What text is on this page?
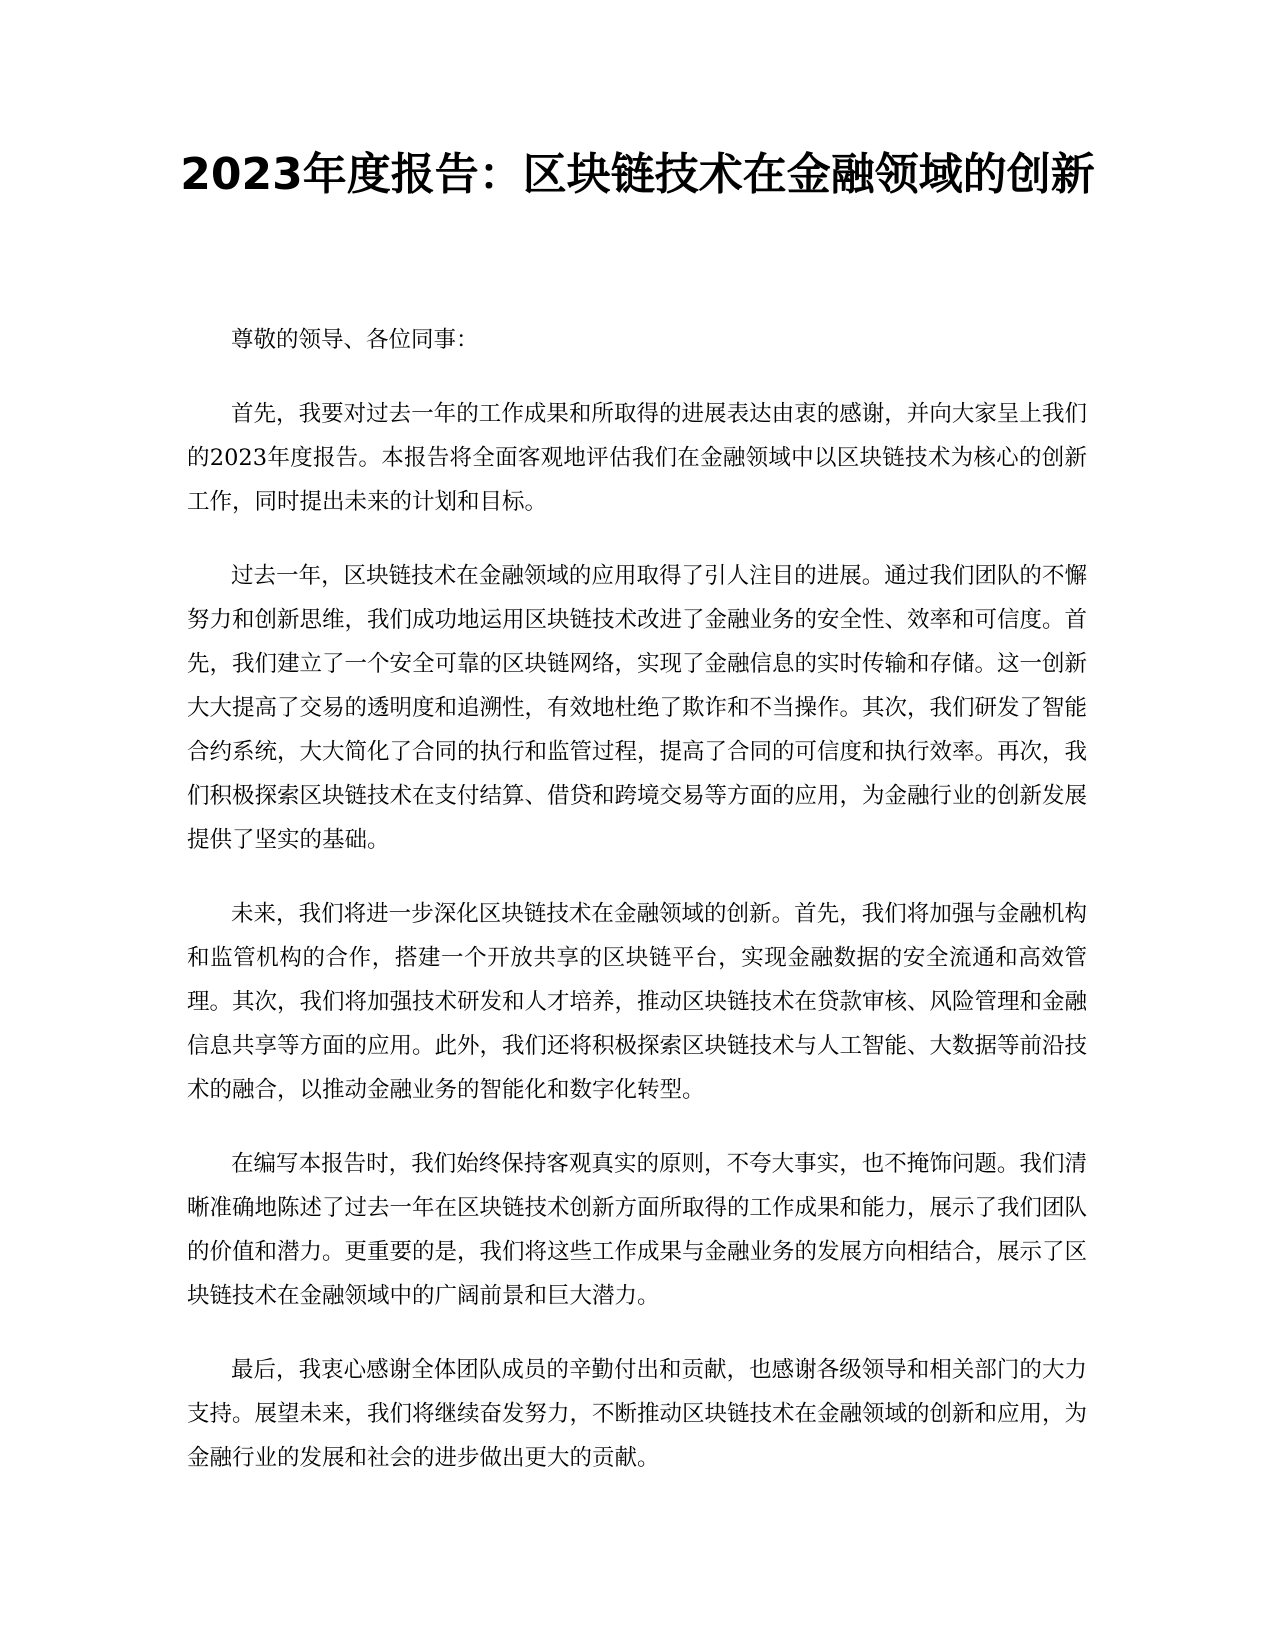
2023年度报告：区块链技术在金融领域的创新

尊敬的领导、各位同事：

首先，我要对过去一年的工作成果和所取得的进展表达由衷的感谢，并向大家呈上我们的2023年度报告。本报告将全面客观地评估我们在金融领域中以区块链技术为核心的创新工作，同时提出未来的计划和目标。

过去一年，区块链技术在金融领域的应用取得了引人注目的进展。通过我们团队的不懈努力和创新思维，我们成功地运用区块链技术改进了金融业务的安全性、效率和可信度。首先，我们建立了一个安全可靠的区块链网络，实现了金融信息的实时传输和存储。这一创新大大提高了交易的透明度和追溯性，有效地杜绝了欺诈和不当操作。其次，我们研发了智能合约系统，大大简化了合同的执行和监管过程，提高了合同的可信度和执行效率。再次，我们积极探索区块链技术在支付结算、借贷和跨境交易等方面的应用，为金融行业的创新发展提供了坚实的基础。

未来，我们将进一步深化区块链技术在金融领域的创新。首先，我们将加强与金融机构和监管机构的合作，搭建一个开放共享的区块链平台，实现金融数据的安全流通和高效管理。其次，我们将加强技术研发和人才培养，推动区块链技术在贷款审核、风险管理和金融信息共享等方面的应用。此外，我们还将积极探索区块链技术与人工智能、大数据等前沿技术的融合，以推动金融业务的智能化和数字化转型。

在编写本报告时，我们始终保持客观真实的原则，不夸大事实，也不掩饰问题。我们清晰准确地陈述了过去一年在区块链技术创新方面所取得的工作成果和能力，展示了我们团队的价值和潜力。更重要的是，我们将这些工作成果与金融业务的发展方向相结合，展示了区块链技术在金融领域中的广阔前景和巨大潜力。

最后，我衷心感谢全体团队成员的辛勤付出和贡献，也感谢各级领导和相关部门的大力支持。展望未来，我们将继续奋发努力，不断推动区块链技术在金融领域的创新和应用，为金融行业的发展和社会的进步做出更大的贡献。
